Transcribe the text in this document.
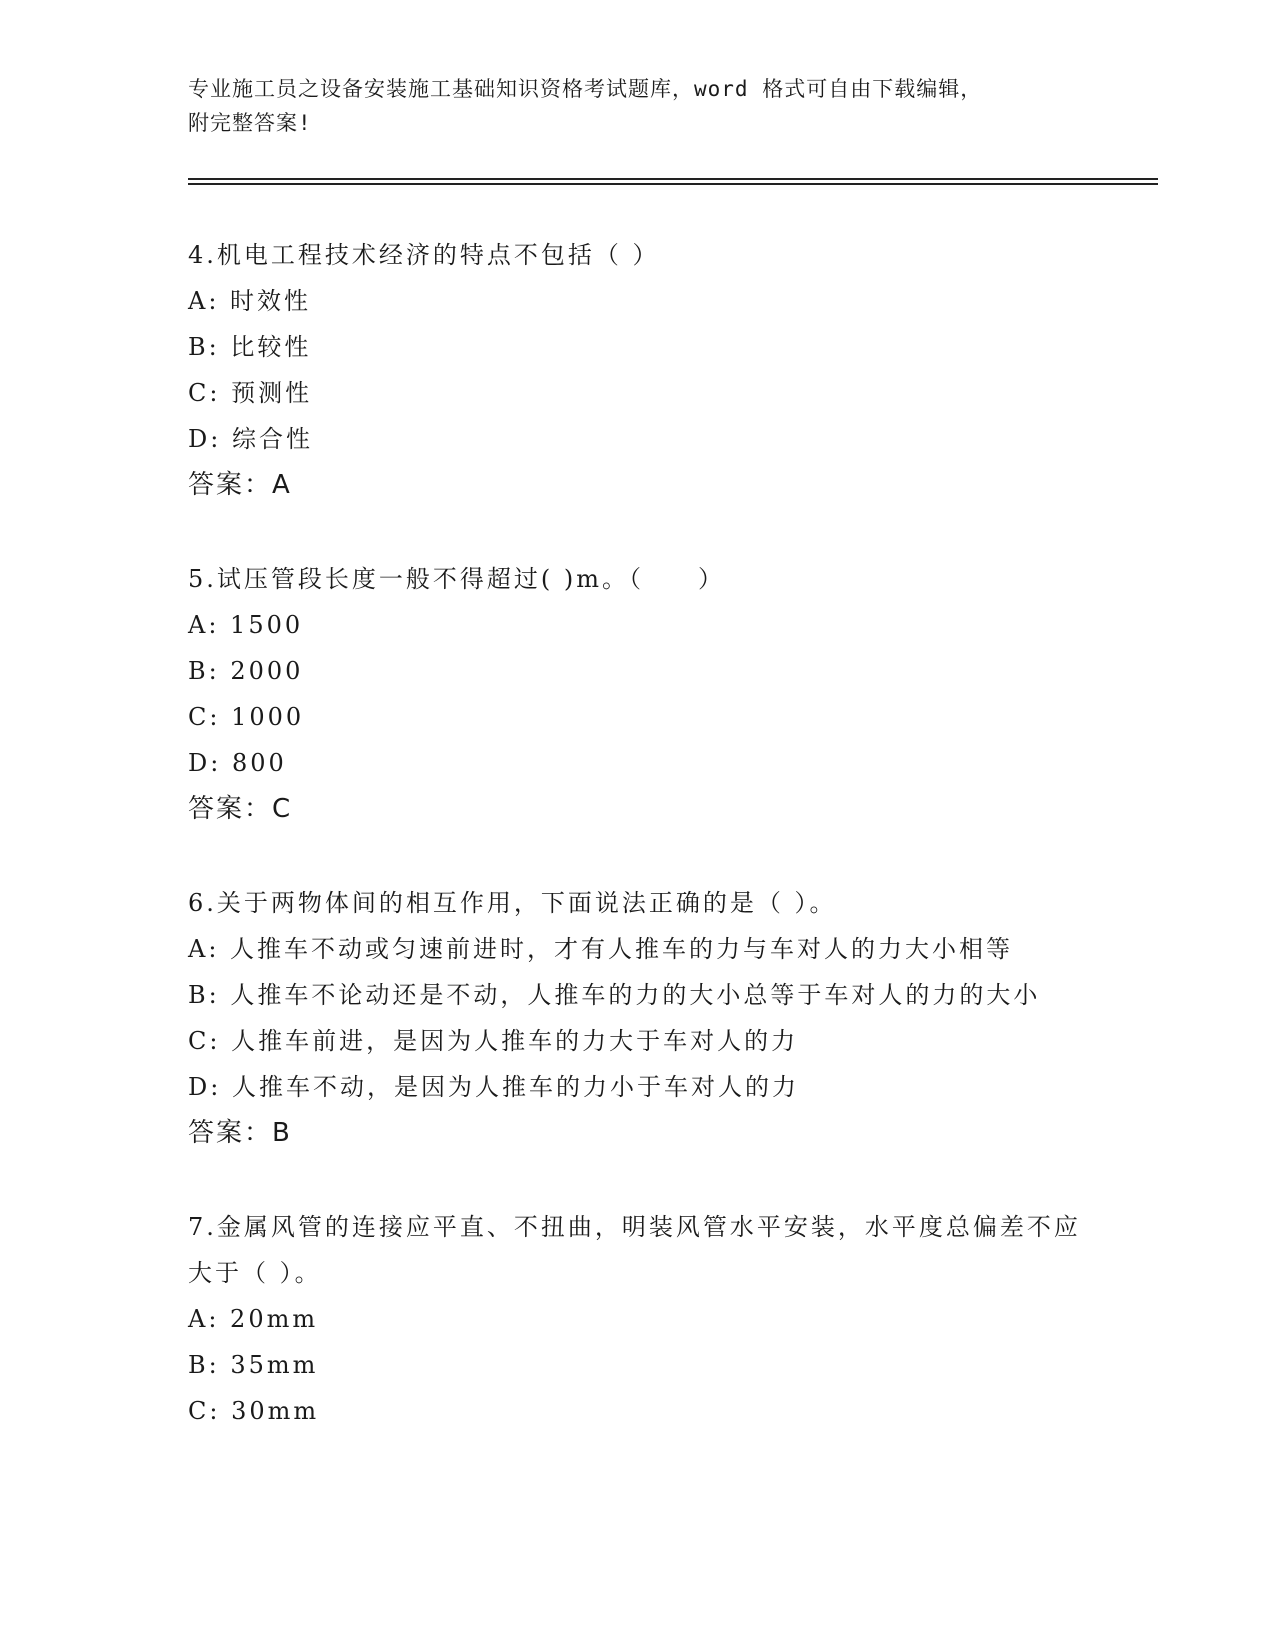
专业施工员之设备安装施工基础知识资格考试题库，word 格式可自由下载编辑，
附完整答案!
4.机电工程技术经济的特点不包括（ ）
A: 时效性
B: 比较性
C: 预测性
D: 综合性
答案：A
5.试压管段长度一般不得超过( )m。（　　）
A: 1500
B: 2000
C: 1000
D: 800
答案：C
6.关于两物体间的相互作用，下面说法正确的是（ ）。
A: 人推车不动或匀速前进时，才有人推车的力与车对人的力大小相等
B: 人推车不论动还是不动，人推车的力的大小总等于车对人的力的大小
C: 人推车前进，是因为人推车的力大于车对人的力
D: 人推车不动，是因为人推车的力小于车对人的力
答案：B
7.金属风管的连接应平直、不扭曲，明装风管水平安装，水平度总偏差不应大于（ ）。
A: 20mm
B: 35mm
C: 30mm
